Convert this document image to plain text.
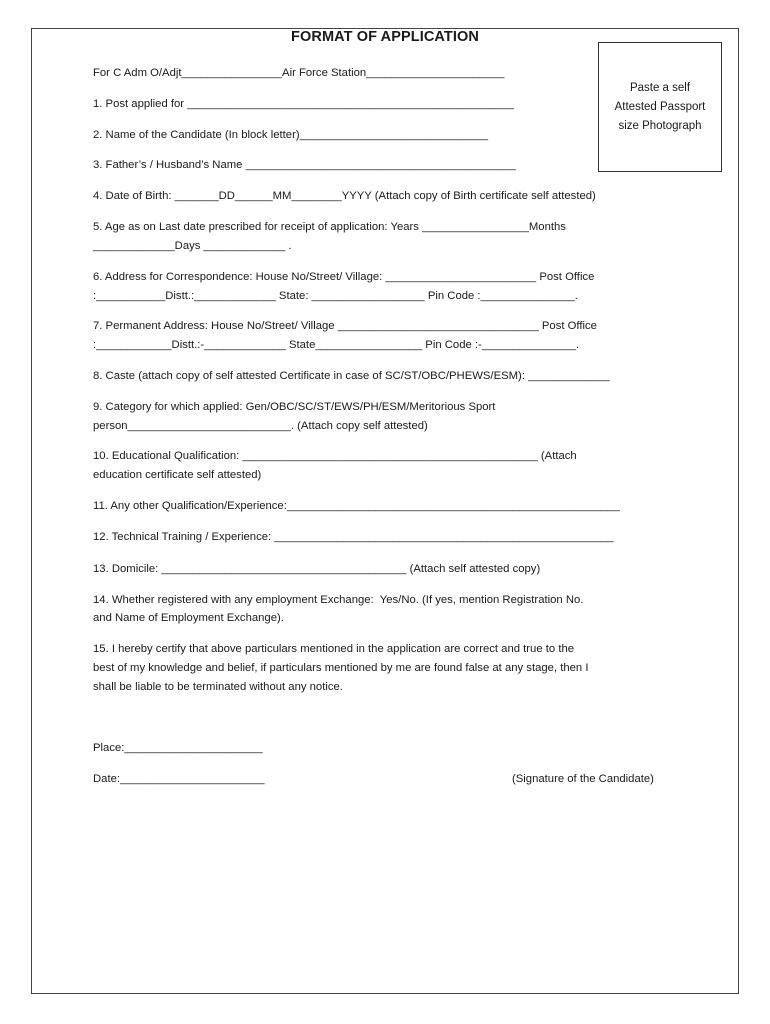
FORMAT OF APPLICATION
Paste a self
Attested Passport
size Photograph
For C Adm O/Adjt________________Air Force Station______________________
1. Post applied for ____________________________________________________
2. Name of the Candidate (In block letter)______________________________
3. Father’s / Husband’s Name ___________________________________________
4. Date of Birth: _______DD______MM________YYYY (Attach copy of Birth certificate self attested)
5. Age as on Last date prescribed for receipt of application: Years _________________Months
_____________Days _____________ .
6. Address for Correspondence: House No/Street/ Village: ________________________ Post Office
:___________Distt.:_____________ State: __________________ Pin Code :_______________.
7. Permanent Address: House No/Street/ Village ________________________________ Post Office
:____________Distt.:-_____________ State_________________ Pin Code :-_______________.
8. Caste (attach copy of self attested Certificate in case of SC/ST/OBC/PHEWS/ESM): _____________
9. Category for which applied: Gen/OBC/SC/ST/EWS/PH/ESM/Meritorious Sport
person__________________________. (Attach copy self attested)
10. Educational Qualification: _______________________________________________ (Attach
education certificate self attested)
11. Any other Qualification/Experience:_____________________________________________________
12. Technical Training / Experience: ______________________________________________________
13. Domicile: _______________________________________ (Attach self attested copy)
14. Whether registered with any employment Exchange:  Yes/No. (If yes, mention Registration No.
and Name of Employment Exchange).
15. I hereby certify that above particulars mentioned in the application are correct and true to the
best of my knowledge and belief, if particulars mentioned by me are found false at any stage, then I
shall be liable to be terminated without any notice.
Place:______________________
Date:_______________________	(Signature of the Candidate)
